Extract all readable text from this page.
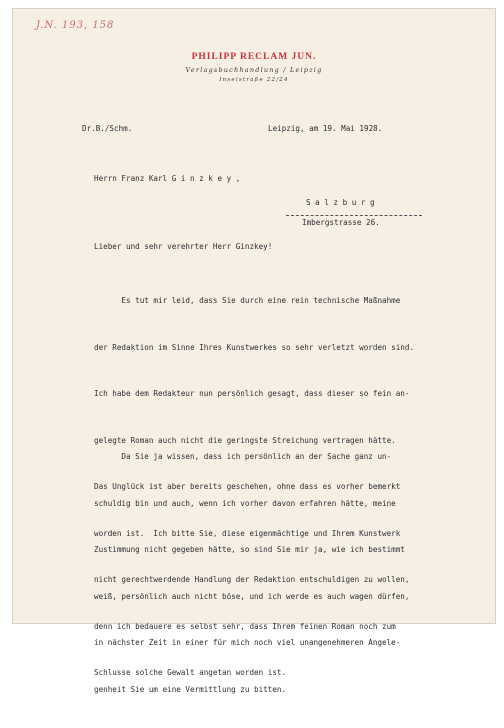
J.N. 193, 158
PHILIPP RECLAM JUN.
Verlagsbuchhandlung / Leipzig
Inselstraße 22/24
Dr.B./Schm.	Leipzig, am 19. Mai 1928.
Herrn Franz Karl G i n z k e y ,
S a l z b u r g
Imbergstrasse 26.
Lieber und sehr verehrter Herr Ginzkey!

Es tut mir leid, dass Sie durch eine rein technische Maßnahme

der Redaktion im Sinne Ihres Kunstwerkes so sehr verletzt worden sind.

Ich habe dem Redakteur nun persönlich gesagt, dass dieser so fein an-

gelegte Roman auch nicht die geringste Streichung vertragen hätte.

Das Unglück ist aber bereits geschehen, ohne dass es vorher bemerkt

worden ist.  Ich bitte Sie, diese eigenmächtige und Ihrem Kunstwerk

nicht gerechtwerdende Handlung der Redaktion entschuldigen zu wollen,

denn ich bedauere es selbst sehr, dass Ihrem feinen Roman noch zum

Schlusse solche Gewalt angetan worden ist.

Da Sie ja wissen, dass ich persönlich an der Sache ganz un-

schuldig bin und auch, wenn ich vorher davon erfahren hätte, meine

Zustimmung nicht gegeben hätte, so sind Sie mir ja, wie ich bestimmt

weiß, persönlich auch nicht böse, und ich werde es auch wagen dürfen,

in nächster Zeit in einer für mich noch viel unangenehmeren Angele-

genheit Sie um eine Vermittlung zu bitten.
